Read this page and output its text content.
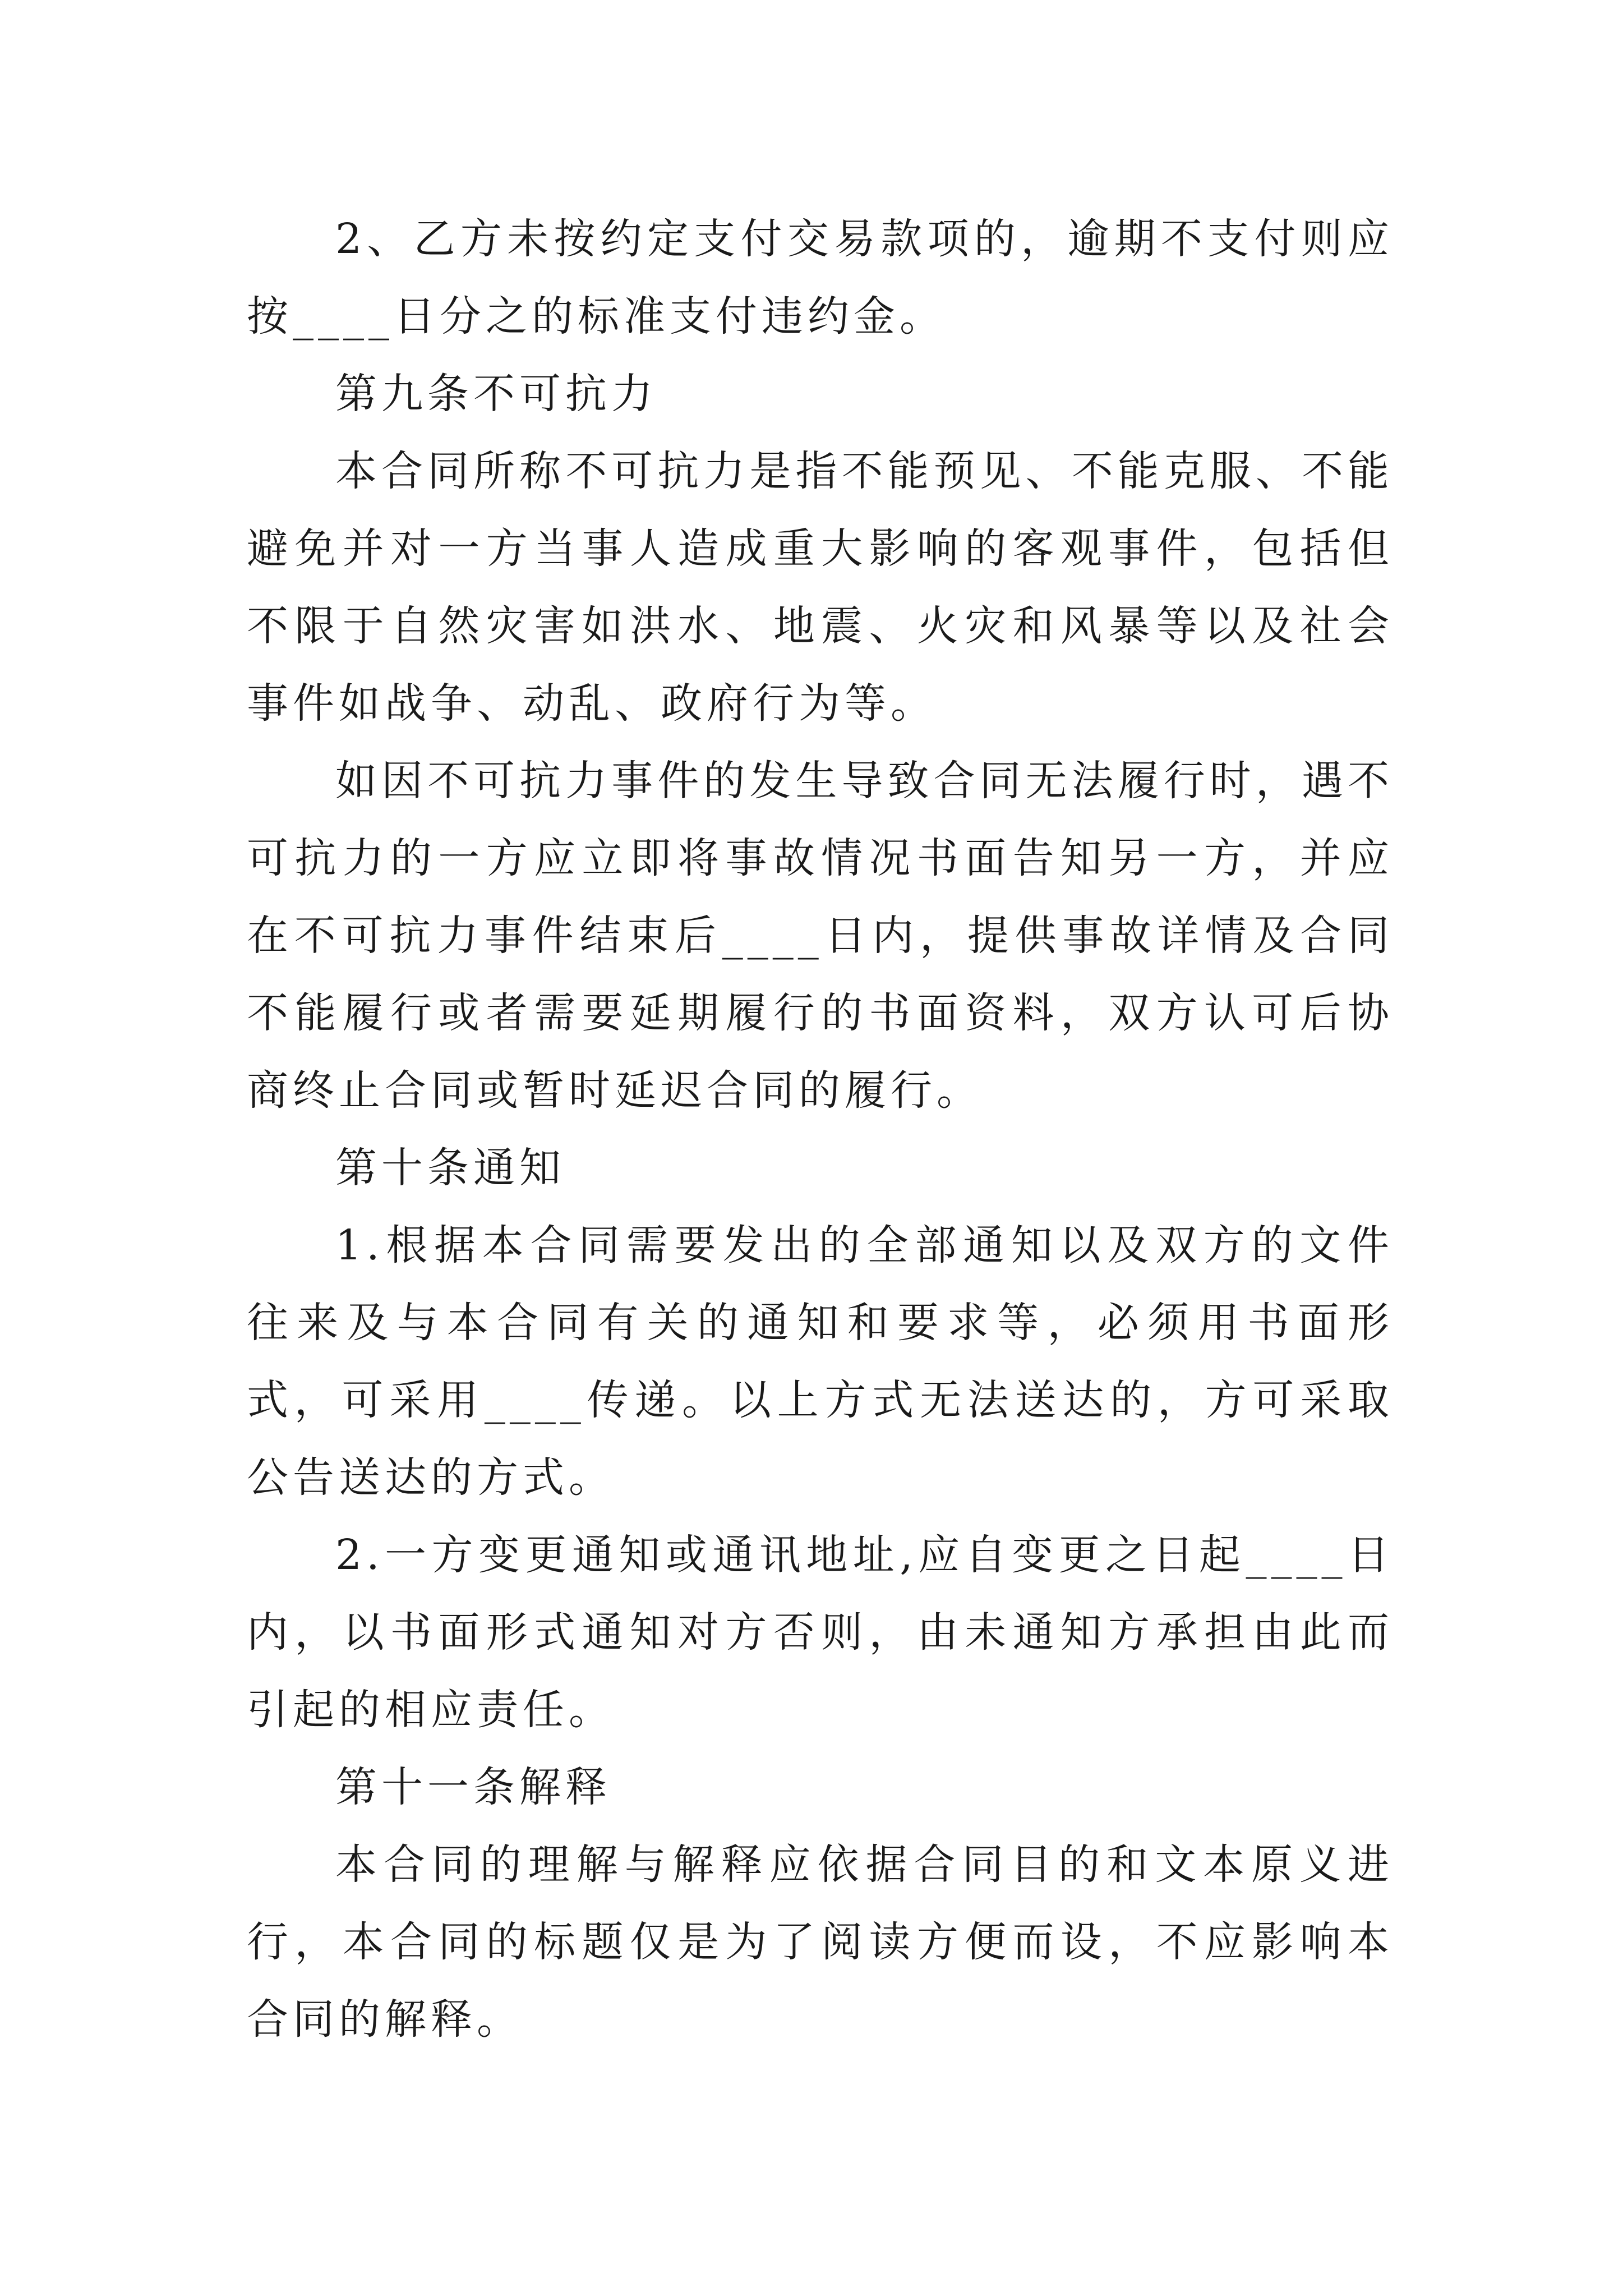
2、乙方未按约定支付交易款项的，逾期不支付则应按____日分之的标准支付违约金。

第九条不可抗力

本合同所称不可抗力是指不能预见、不能克服、不能避免并对一方当事人造成重大影响的客观事件，包括但不限于自然灾害如洪水、地震、火灾和风暴等以及社会事件如战争、动乱、政府行为等。

如因不可抗力事件的发生导致合同无法履行时，遇不可抗力的一方应立即将事故情况书面告知另一方，并应在不可抗力事件结束后____日内，提供事故详情及合同不能履行或者需要延期履行的书面资料，双方认可后协商终止合同或暂时延迟合同的履行。

第十条通知

1.根据本合同需要发出的全部通知以及双方的文件往来及与本合同有关的通知和要求等，必须用书面形式，可采用____传递。以上方式无法送达的，方可采取公告送达的方式。

2.一方变更通知或通讯地址,应自变更之日起____日内，以书面形式通知对方否则，由未通知方承担由此而引起的相应责任。

第十一条解释

本合同的理解与解释应依据合同目的和文本原义进行，本合同的标题仅是为了阅读方便而设，不应影响本合同的解释。
